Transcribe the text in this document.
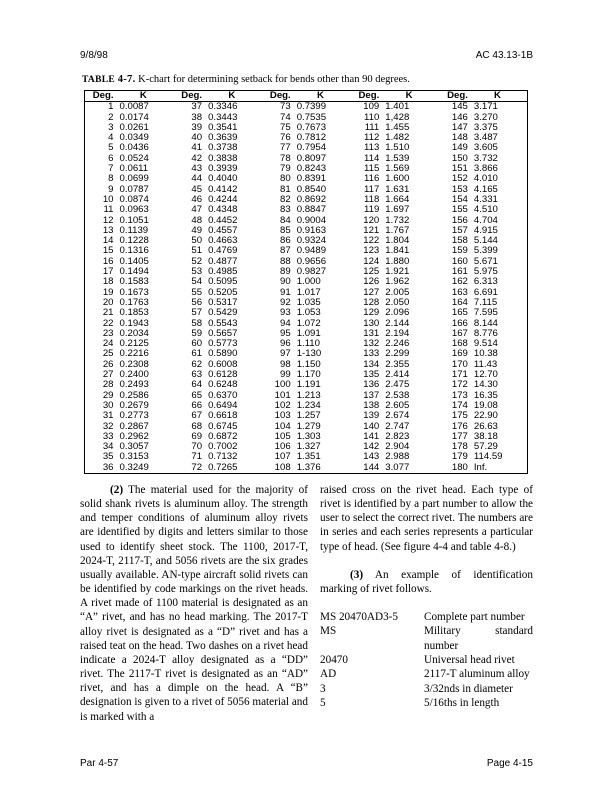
9/8/98	AC 43.13-1B
TABLE 4-7. K-chart for determining setback for bends other than 90 degrees.
Deg.	K	Deg.	K	Deg.	K	Deg.	K	Deg.	K
1	0.0087	37	0.3346	73	0.7399	109	1.401	145	3.171
2	0.0174	38	0.3443	74	0.7535	110	1,428	146	3.270
3	0.0261	39	0.3541	75	0.7673	111	1.455	147	3.375
4	0.0349	40	0.3639	76	0.7812	112	1.482	148	3.487
5	0.0436	41	0.3738	77	0.7954	113	1.510	149	3.605
6	0.0524	42	0.3838	78	0.8097	114	1.539	150	3.732
7	0.0611	43	0.3939	79	0.8243	115	1.569	151	3.866
8	0.0699	44	0.4040	80	0.8391	116	1.600	152	4.010
9	0.0787	45	0.4142	81	0.8540	117	1.631	153	4.165
10	0.0874	46	0.4244	82	0.8692	118	1.664	154	4.331
11	0.0963	47	0.4348	83	0.8847	119	1.697	155	4.510
12	0.1051	48	0.4452	84	0.9004	120	1.732	156	4.704
13	0.1139	49	0.4557	85	0.9163	121	1.767	157	4.915
14	0.1228	50	0.4663	86	0.9324	122	1.804	158	5.144
15	0.1316	51	0.4769	87	0.9489	123	1.841	159	5.399
16	0.1405	52	0.4877	88	0.9656	124	1.880	160	5.671
17	0.1494	53	0.4985	89	0.9827	125	1.921	161	5.975
18	0.1583	54	0.5095	90	1.000	126	1.962	162	6.313
19	0.1673	55	0.5205	91	1.017	127	2.005	163	6.691
20	0.1763	56	0.5317	92	1.035	128	2.050	164	7.115
21	0.1853	57	0.5429	93	1.053	129	2.096	165	7.595
22	0.1943	58	0.5543	94	1.072	130	2.144	166	8.144
23	0.2034	59	0.5657	95	1.091	131	2.194	167	8.776
24	0.2125	60	0.5773	96	1.110	132	2.246	168	9.514
25	0.2216	61	0.5890	97	1-130	133	2.299	169	10.38
26	0.2308	62	0.6008	98	1.150	134	2.355	170	11.43
27	0.2400	63	0.6128	99	1.170	135	2.414	171	12.70
28	0.2493	64	0.6248	100	1.191	136	2.475	172	14.30
29	0.2586	65	0.6370	101	1.213	137	2.538	173	16.35
30	0.2679	66	0.6494	102	1.234	138	2.605	174	19.08
31	0.2773	67	0.6618	103	1.257	139	2.674	175	22.90
32	0.2867	68	0.6745	104	1.279	140	2.747	176	26.63
33	0.2962	69	0.6872	105	1.303	141	2.823	177	38.18
34	0.3057	70	0.7002	106	1.327	142	2.904	178	57.29
35	0.3153	71	0.7132	107	1.351	143	2.988	179	114.59
36	0.3249	72	0.7265	108	1.376	144	3.077	180	Inf.

(2) The material used for the majority of solid shank rivets is aluminum alloy. The strength and temper conditions of aluminum alloy rivets are identified by digits and letters similar to those used to identify sheet stock. The 1100, 2017-T, 2024-T, 2117-T, and 5056 rivets are the six grades usually available. AN-type aircraft solid rivets can be identified by code markings on the rivet heads. A rivet made of 1100 material is designated as an “A” rivet, and has no head marking. The 2017-T alloy rivet is designated as a “D” rivet and has a raised teat on the head. Two dashes on a rivet head indicate a 2024-T alloy designated as a “DD” rivet. The 2117-T rivet is designated as an “AD” rivet, and has a dimple on the head. A “B” designation is given to a rivet of 5056 material and is marked with a

raised cross on the rivet head. Each type of rivet is identified by a part number to allow the user to select the correct rivet. The numbers are in series and each series represents a particular type of head. (See figure 4-4 and table 4-8.)

(3) An example of identification marking of rivet follows.

MS 20470AD3-5	Complete part number
MS	Military standard number
20470	Universal head rivet
AD	2117-T aluminum alloy
3	3/32nds in diameter
5	5/16ths in length
Par 4-57	Page 4-15
